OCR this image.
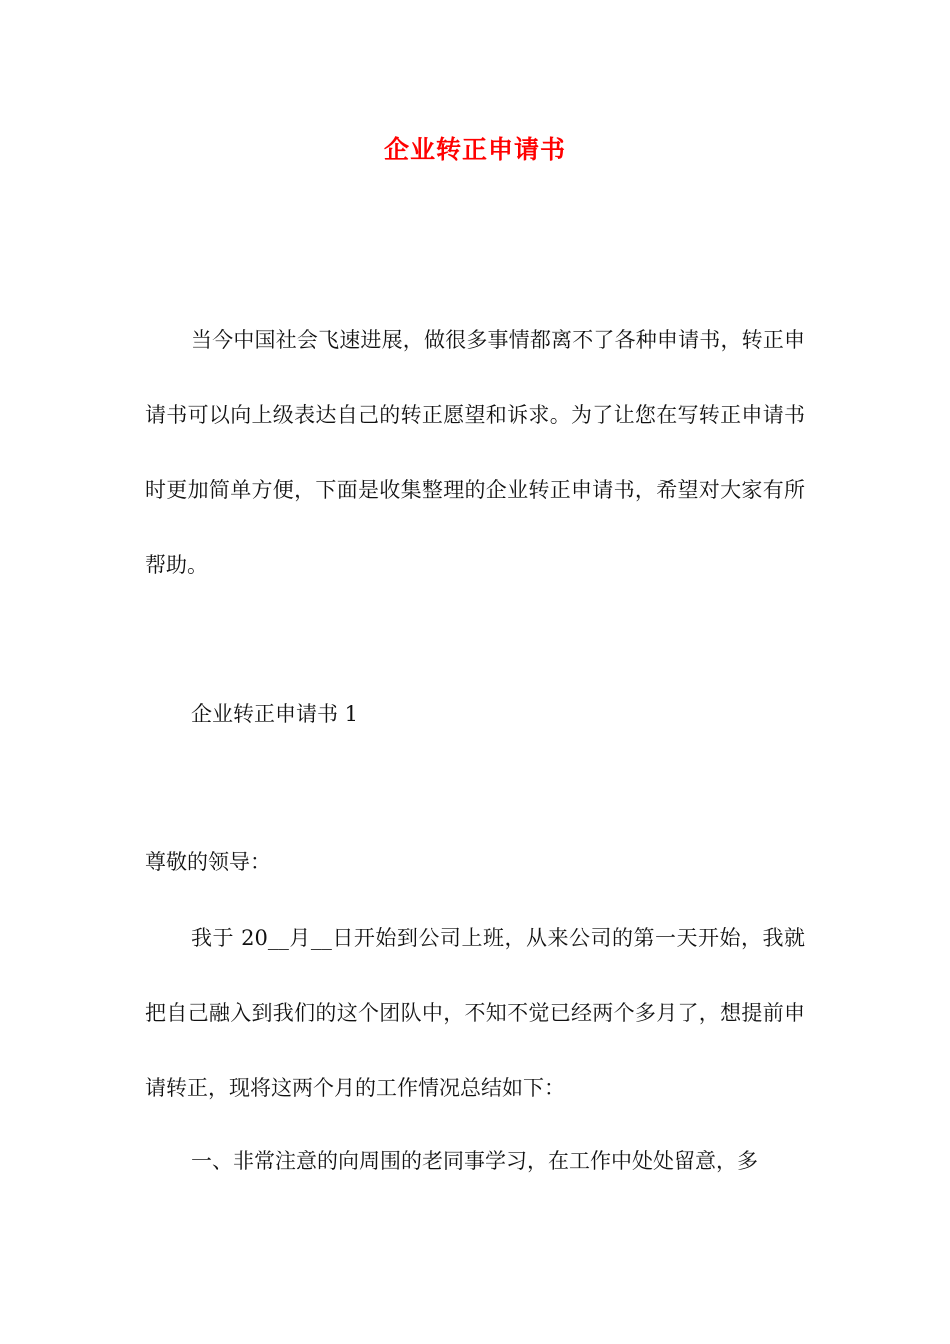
企业转正申请书

当今中国社会飞速进展，做很多事情都离不了各种申请书，转正申请书可以向上级表达自己的转正愿望和诉求。为了让您在写转正申请书时更加简单方便，下面是收集整理的企业转正申请书，希望对大家有所帮助。

企业转正申请书 1

尊敬的领导：

我于 20__月__日开始到公司上班，从来公司的第一天开始，我就把自己融入到我们的这个团队中，不知不觉已经两个多月了，想提前申请转正，现将这两个月的工作情况总结如下：

一、非常注意的向周围的老同事学习，在工作中处处留意，多
